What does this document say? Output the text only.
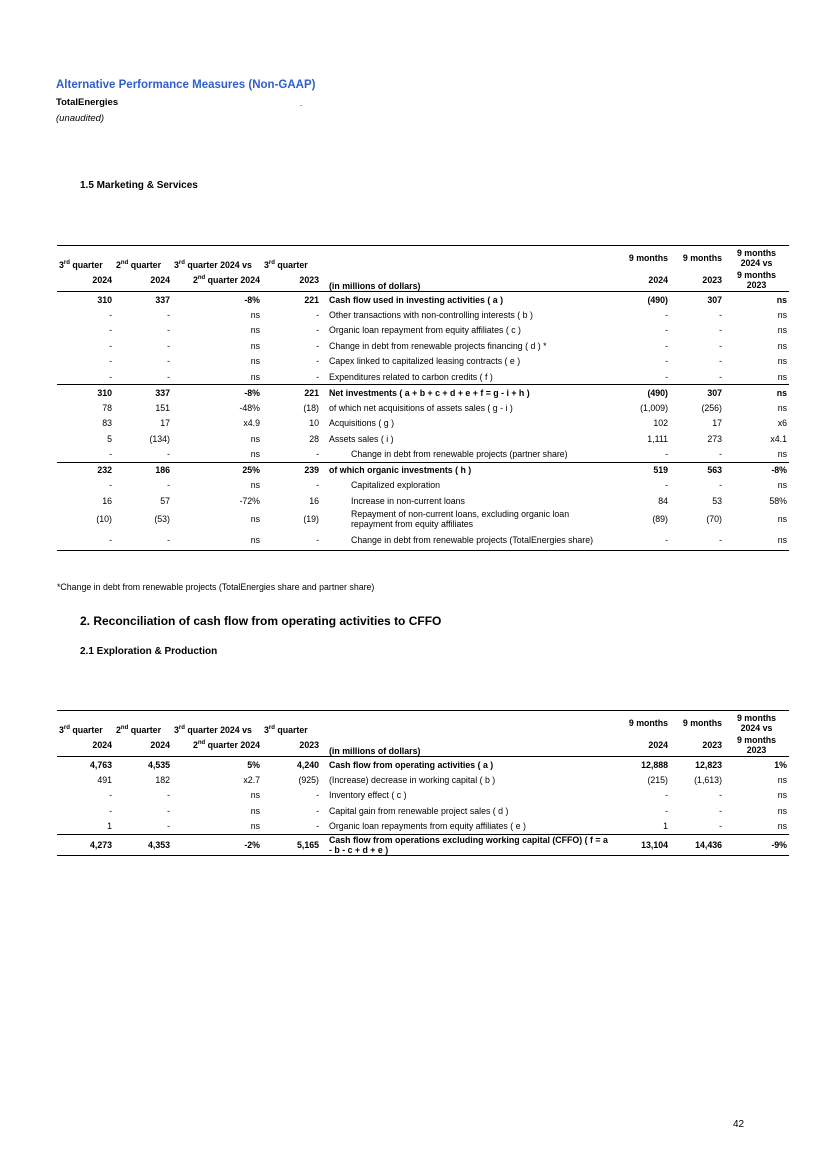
Alternative Performance Measures (Non-GAAP)
TotalEnergies	.
(unaudited)
1.5 Marketing & Services
3rd quarter	2nd quarter	3rd quarter 2024 vs	3rd quarter		9 months	9 months	9 months 2024 vs
2024	2024	2nd quarter 2024	2023	(in millions of dollars)	2024	2023	9 months 2023
310	337	-8%	221	Cash flow used in investing activities ( a )	(490)	307	ns
-	-	ns	-	Other transactions with non-controlling interests ( b )	-	-	ns
-	-	ns	-	Organic loan repayment from equity affiliates ( c )	-	-	ns
-	-	ns	-	Change in debt from renewable projects financing ( d ) *	-	-	ns
-	-	ns	-	Capex linked to capitalized leasing contracts ( e )	-	-	ns
-	-	ns	-	Expenditures related to carbon credits ( f )	-	-	ns
310	337	-8%	221	Net investments ( a + b + c + d + e + f = g - i + h )	(490)	307	ns
78	151	-48%	(18)	of which net acquisitions of assets sales ( g - i )	(1,009)	(256)	ns
83	17	x4.9	10	Acquisitions ( g )	102	17	x6
5	(134)	ns	28	Assets sales ( i )	1,111	273	x4.1
-	-	ns	-	Change in debt from renewable projects (partner share)	-	-	ns
232	186	25%	239	of which organic investments ( h )	519	563	-8%
-	-	ns	-	Capitalized exploration	-	-	ns
16	57	-72%	16	Increase in non-current loans	84	53	58%
(10)	(53)	ns	(19)	Repayment of non-current loans, excluding organic loan repayment from equity affiliates	(89)	(70)	ns
-	-	ns	-	Change in debt from renewable projects (TotalEnergies share)	-	-	ns
*Change in debt from renewable projects (TotalEnergies share and partner share)
2. Reconciliation of cash flow from operating activities to CFFO
2.1 Exploration & Production
3rd quarter	2nd quarter	3rd quarter 2024 vs	3rd quarter		9 months	9 months	9 months 2024 vs
2024	2024	2nd quarter 2024	2023	(in millions of dollars)	2024	2023	9 months 2023
4,763	4,535	5%	4,240	Cash flow from operating activities ( a )	12,888	12,823	1%
491	182	x2.7	(925)	(Increase) decrease in working capital ( b )	(215)	(1,613)	ns
-	-	ns	-	Inventory effect ( c )	-	-	ns
-	-	ns	-	Capital gain from renewable project sales ( d )	-	-	ns
1	-	ns	-	Organic loan repayments from equity affiliates ( e )	1	-	ns
4,273	4,353	-2%	5,165	Cash flow from operations excluding working capital (CFFO) ( f = a - b - c + d + e )	13,104	14,436	-9%
42
